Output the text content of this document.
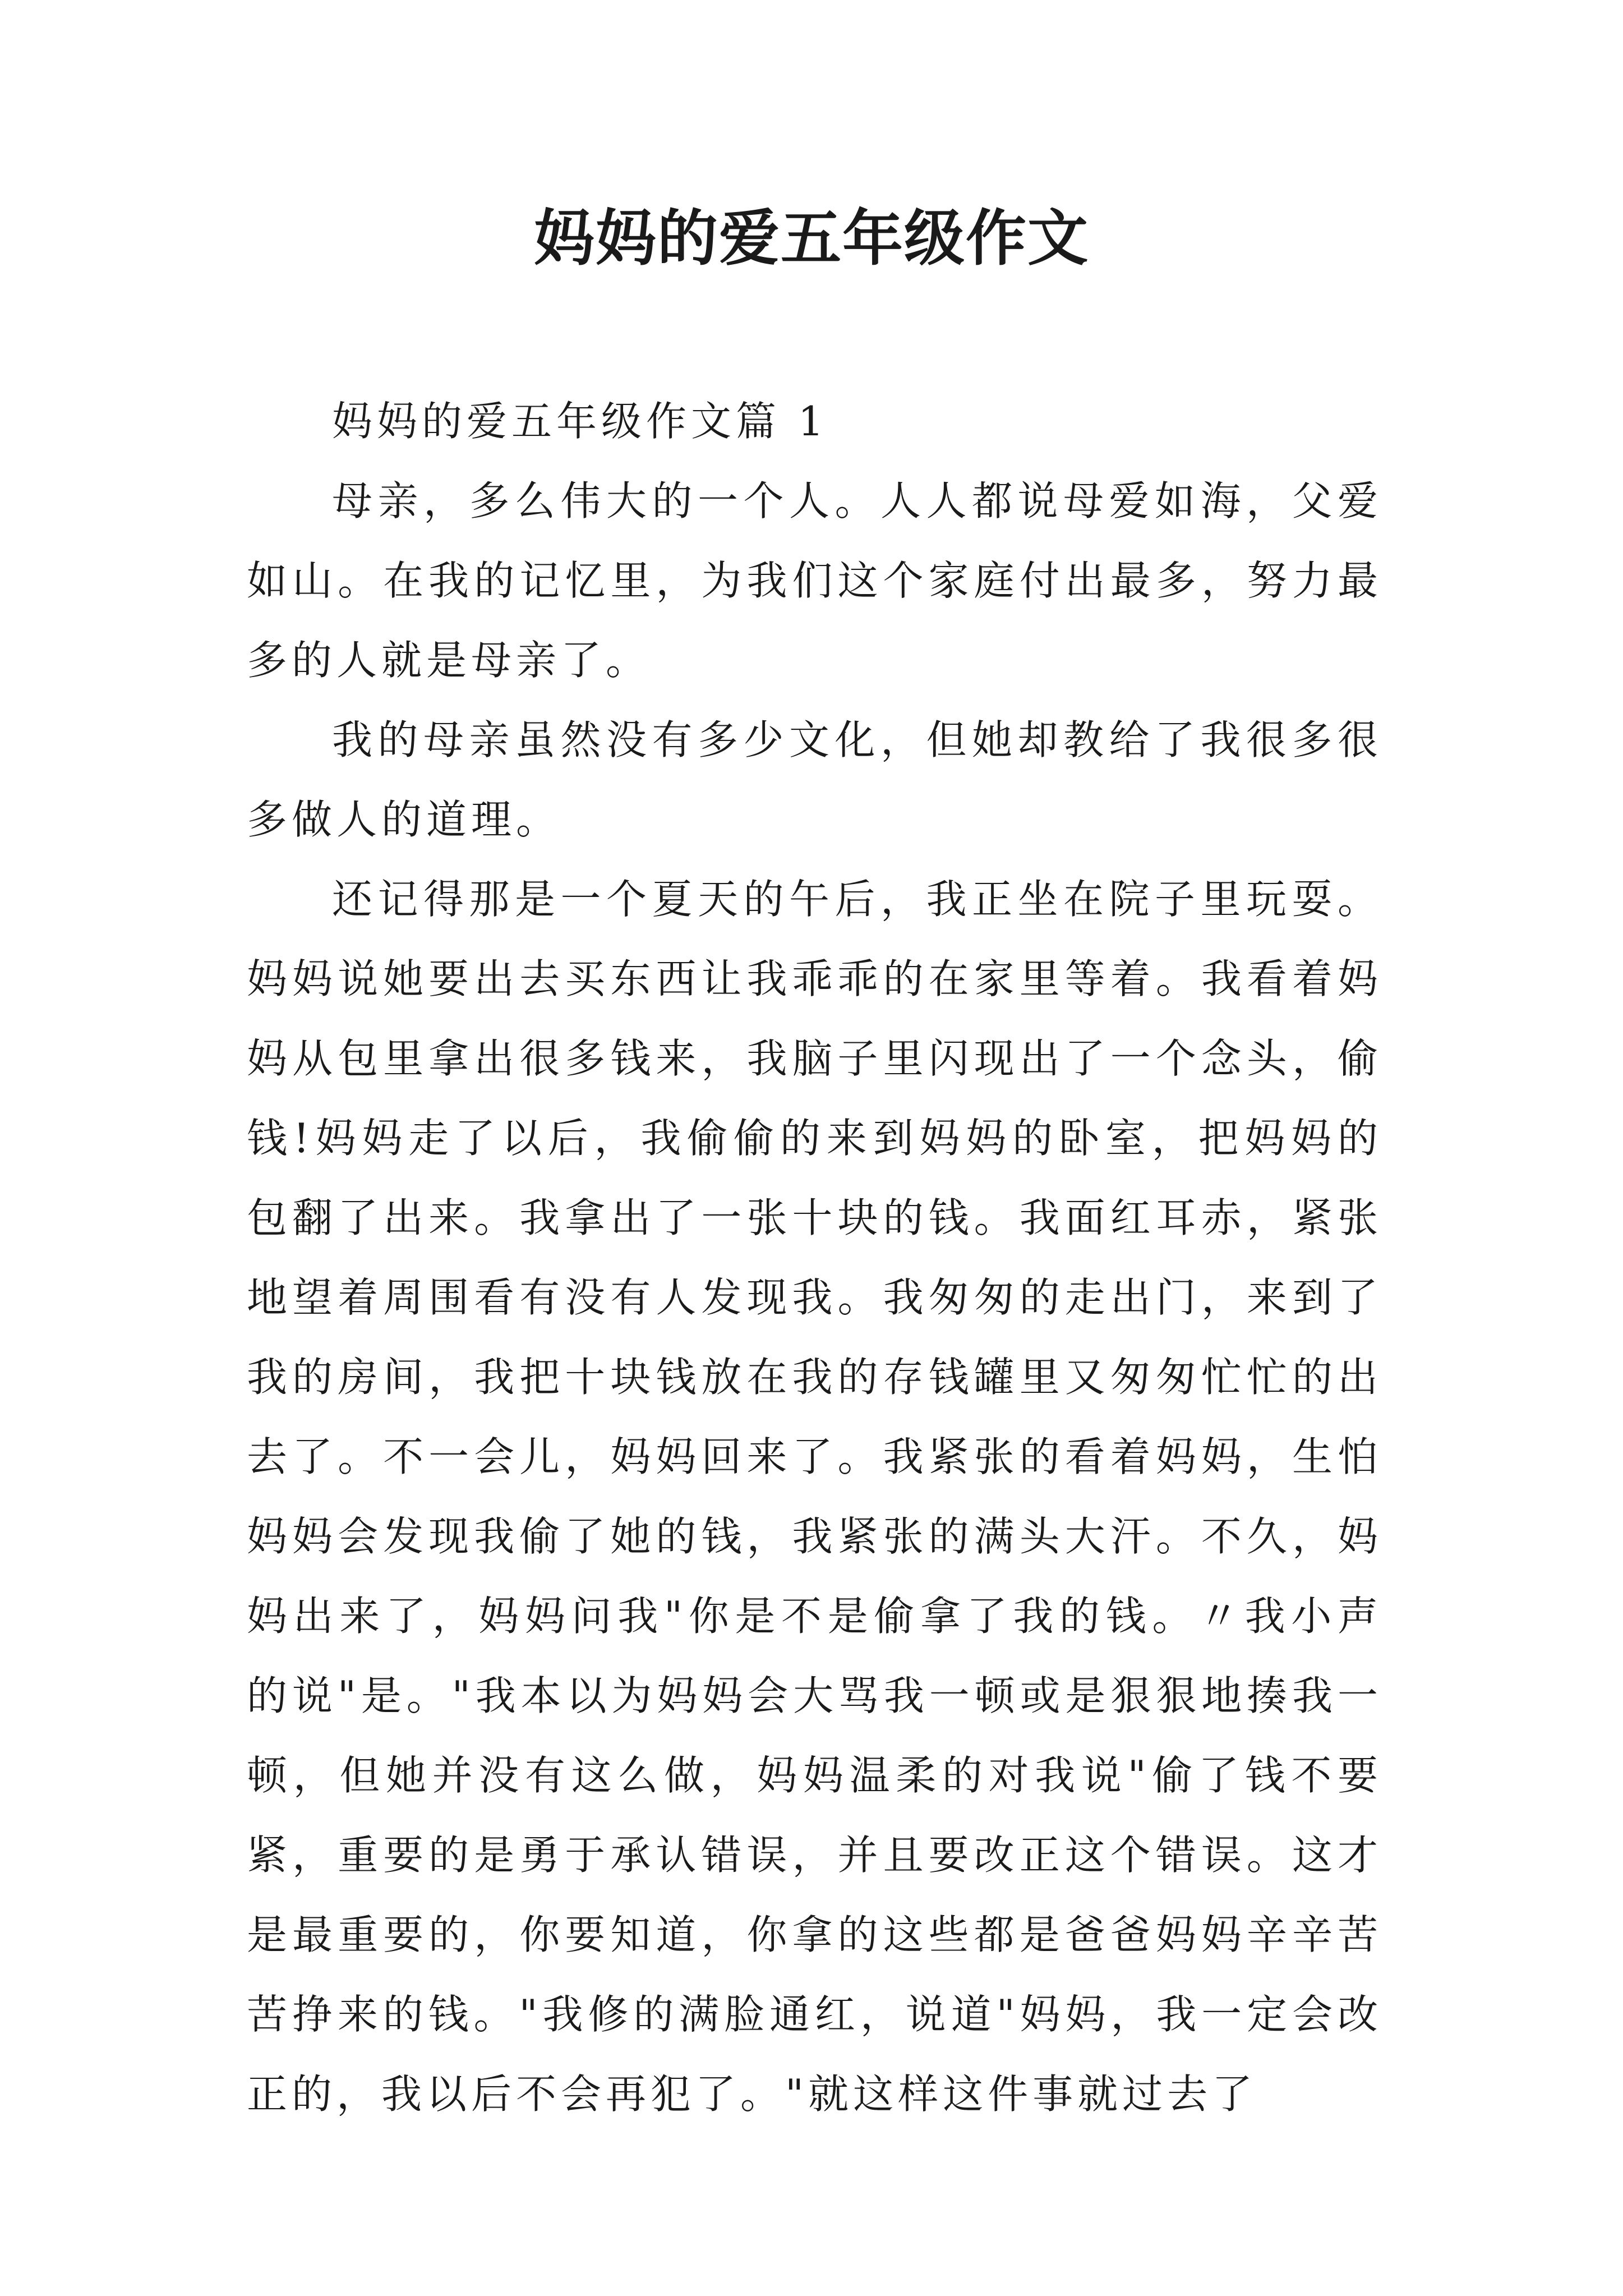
妈妈的爱五年级作文

妈妈的爱五年级作文篇 1

母亲，多么伟大的一个人。人人都说母爱如海，父爱如山。在我的记忆里，为我们这个家庭付出最多，努力最多的人就是母亲了。

我的母亲虽然没有多少文化，但她却教给了我很多很多做人的道理。

还记得那是一个夏天的午后，我正坐在院子里玩耍。妈妈说她要出去买东西让我乖乖的在家里等着。我看着妈妈从包里拿出很多钱来，我脑子里闪现出了一个念头，偷钱!妈妈走了以后，我偷偷的来到妈妈的卧室，把妈妈的包翻了出来。我拿出了一张十块的钱。我面红耳赤，紧张地望着周围看有没有人发现我。我匆匆的走出门，来到了我的房间，我把十块钱放在我的存钱罐里又匆匆忙忙的出去了。不一会儿，妈妈回来了。我紧张的看着妈妈，生怕妈妈会发现我偷了她的钱，我紧张的满头大汗。不久，妈妈出来了，妈妈问我"你是不是偷拿了我的钱。〃我小声的说"是。"我本以为妈妈会大骂我一顿或是狠狠地揍我一顿，但她并没有这么做，妈妈温柔的对我说"偷了钱不要紧，重要的是勇于承认错误，并且要改正这个错误。这才是最重要的，你要知道，你拿的这些都是爸爸妈妈辛辛苦苦挣来的钱。"我修的满脸通红，说道"妈妈，我一定会改正的，我以后不会再犯了。"就这样这件事就过去了
